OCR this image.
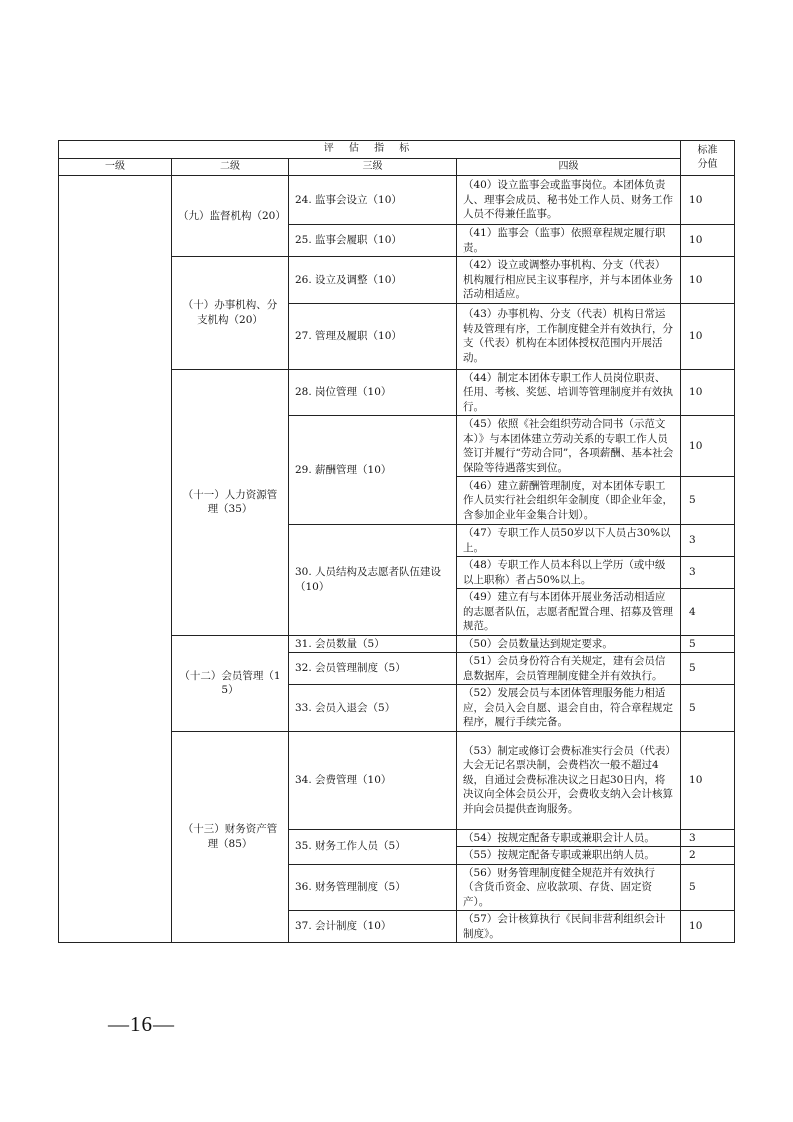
评 估 指 标				标准
分值
一级	二级	三级	四级	
	（九）监督机构（20）	24. 监事会设立（10）	（40）设立监事会或监事岗位。本团体负责人、理事会成员、秘书处工作人员、财务工作人员不得兼任监事。	10
		25. 监事会履职（10）	（41）监事会（监事）依照章程规定履行职责。	10
	（十）办事机构、分支机构（20）	26. 设立及调整（10）	（42）设立或调整办事机构、分支（代表）机构履行相应民主议事程序，并与本团体业务活动相适应。	10
		27. 管理及履职（10）	（43）办事机构、分支（代表）机构日常运转及管理有序，工作制度健全并有效执行，分支（代表）机构在本团体授权范围内开展活动。	10
	（十一）人力资源管理（35）	28. 岗位管理（10）	（44）制定本团体专职工作人员岗位职责、任用、考核、奖惩、培训等管理制度并有效执行。	10
		29. 薪酬管理（10）	（45）依照《社会组织劳动合同书（示范文本）》与本团体建立劳动关系的专职工作人员签订并履行“劳动合同”，各项薪酬、基本社会保险等待遇落实到位。	10
			（46）建立薪酬管理制度，对本团体专职工作人员实行社会组织年金制度（即企业年金，含参加企业年金集合计划）。	5
		30. 人员结构及志愿者队伍建设（10）	（47）专职工作人员50岁以下人员占30%以上。	3
			（48）专职工作人员本科以上学历（或中级以上职称）者占50%以上。	3
			（49）建立有与本团体开展业务活动相适应的志愿者队伍，志愿者配置合理、招募及管理规范。	4
	（十二）会员管理（15）	31. 会员数量（5）	（50）会员数量达到规定要求。	5
		32. 会员管理制度（5）	（51）会员身份符合有关规定，建有会员信息数据库，会员管理制度健全并有效执行。	5
		33. 会员入退会（5）	（52）发展会员与本团体管理服务能力相适应，会员入会自愿、退会自由，符合章程规定程序，履行手续完备。	5
	（十三）财务资产管理（85）	34. 会费管理（10）	（53）制定或修订会费标准实行会员（代表）大会无记名票决制，会费档次一般不超过4级，自通过会费标准决议之日起30日内，将决议向全体会员公开，会费收支纳入会计核算并向会员提供查询服务。	10
		35. 财务工作人员（5）	（54）按规定配备专职或兼职会计人员。	3
			（55）按规定配备专职或兼职出纳人员。	2
		36. 财务管理制度（5）	（56）财务管理制度健全规范并有效执行（含货币资金、应收款项、存货、固定资产）。	5
		37. 会计制度（10）	（57）会计核算执行《民间非营利组织会计制度》。	10
—16—
